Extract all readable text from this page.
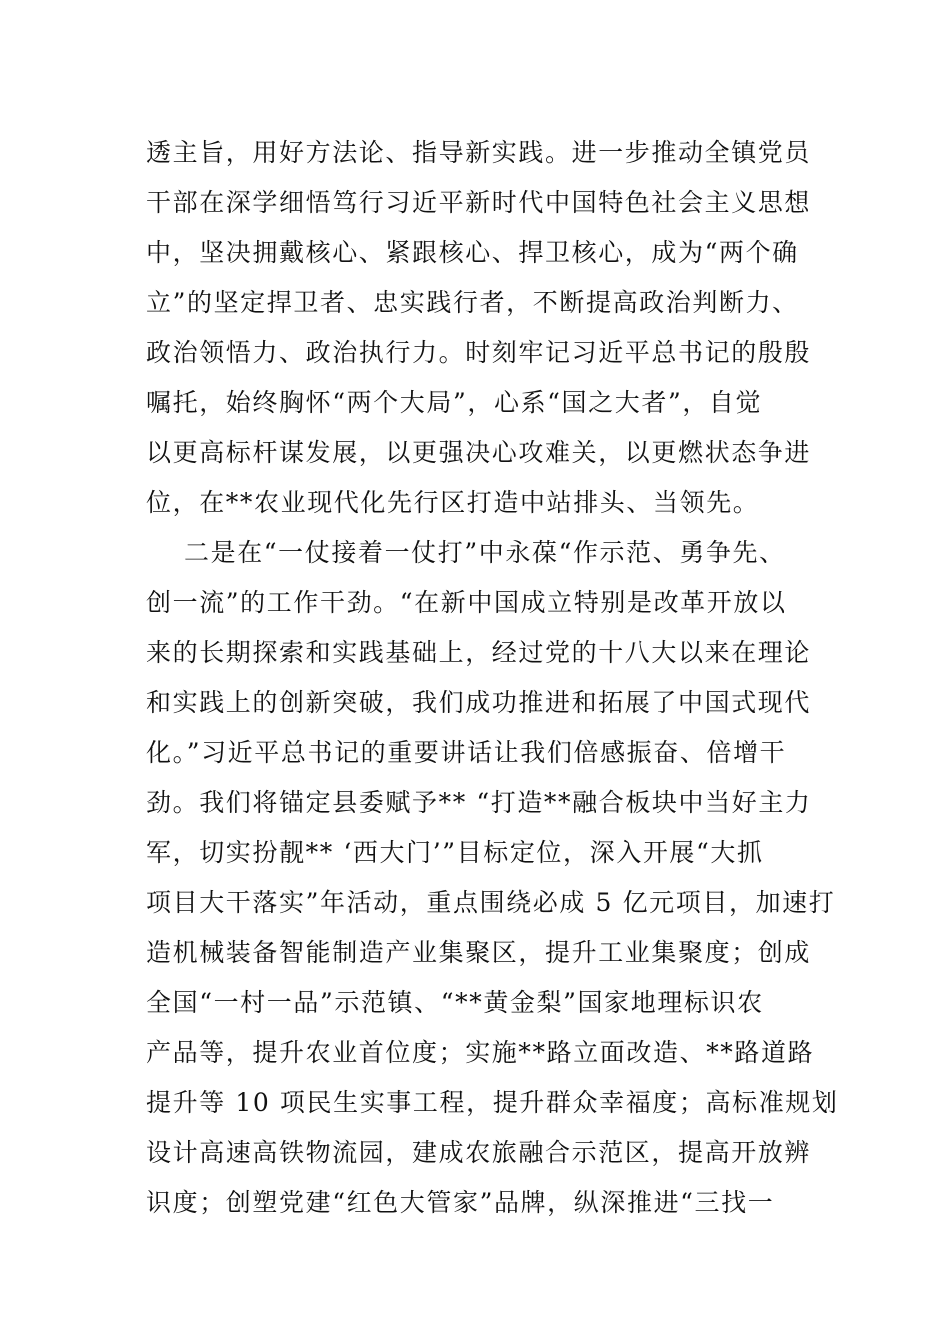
透主旨，用好方法论、指导新实践。进一步推动全镇党员
干部在深学细悟笃行习近平新时代中国特色社会主义思想
中，坚决拥戴核心、紧跟核心、捍卫核心，成为“两个确
立”的坚定捍卫者、忠实践行者，不断提高政治判断力、
政治领悟力、政治执行力。时刻牢记习近平总书记的殷殷
嘱托，始终胸怀“两个大局”，心系“国之大者”，自觉
以更高标杆谋发展，以更强决心攻难关，以更燃状态争进
位，在**农业现代化先行区打造中站排头、当领先。
二是在“一仗接着一仗打”中永葆“作示范、勇争先、
创一流”的工作干劲。“在新中国成立特别是改革开放以
来的长期探索和实践基础上，经过党的十八大以来在理论
和实践上的创新突破，我们成功推进和拓展了中国式现代
化。”习近平总书记的重要讲话让我们倍感振奋、倍增干
劲。我们将锚定县委赋予** “打造**融合板块中当好主力
军，切实扮靓** ‘西大门’”目标定位，深入开展“大抓
项目大干落实”年活动，重点围绕必成 5 亿元项目，加速打
造机械装备智能制造产业集聚区，提升工业集聚度；创成
全国“一村一品”示范镇、“**黄金梨”国家地理标识农
产品等，提升农业首位度；实施**路立面改造、**路道路
提升等 10 项民生实事工程，提升群众幸福度；高标准规划
设计高速高铁物流园，建成农旅融合示范区，提高开放辨
识度；创塑党建“红色大管家”品牌，纵深推进“三找一
